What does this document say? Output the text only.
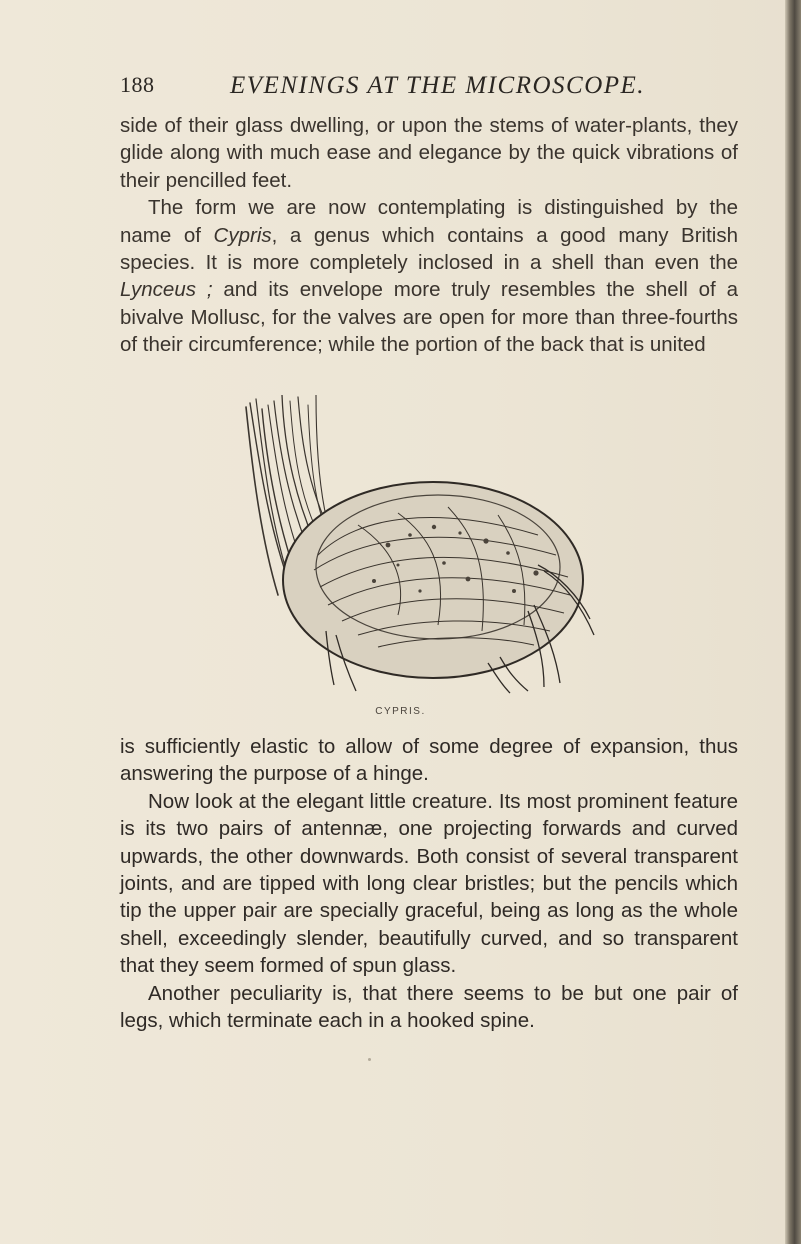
188	EVENINGS AT THE MICROSCOPE.

side of their glass dwelling, or upon the stems of water-plants, they glide along with much ease and elegance by the quick vibrations of their pencilled feet.

The form we are now contemplating is distinguished by the name of Cypris, a genus which contains a good many British species. It is more completely inclosed in a shell than even the Lynceus ; and its envelope more truly resembles the shell of a bivalve Mollusc, for the valves are open for more than three-fourths of their circumference; while the portion of the back that is united

CYPRIS.

is sufficiently elastic to allow of some degree of expansion, thus answering the purpose of a hinge.

Now look at the elegant little creature. Its most prominent feature is its two pairs of antennæ, one projecting forwards and curved upwards, the other downwards. Both consist of several transparent joints, and are tipped with long clear bristles; but the pencils which tip the upper pair are specially graceful, being as long as the whole shell, exceedingly slender, beautifully curved, and so transparent that they seem formed of spun glass.

Another peculiarity is, that there seems to be but one pair of legs, which terminate each in a hooked spine.
